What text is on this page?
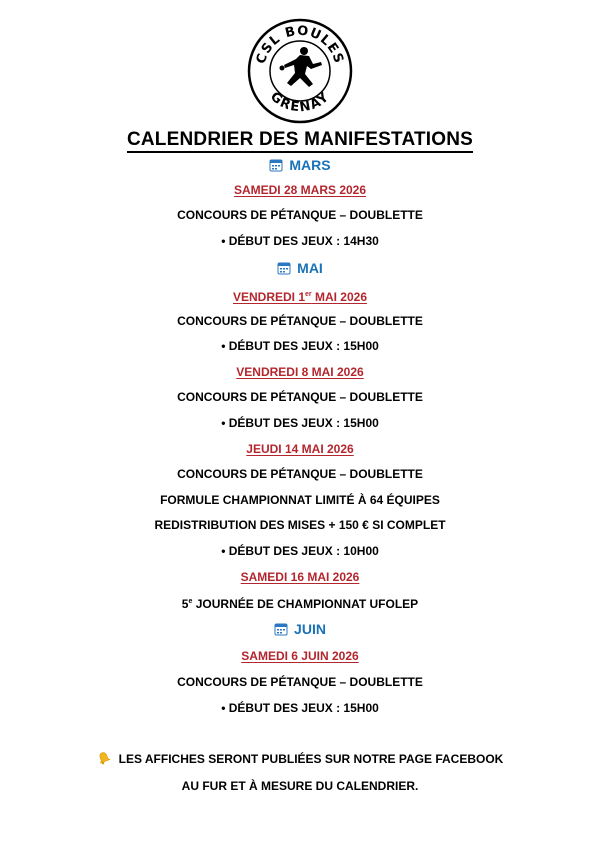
CSL BOULES
GRENAY
CALENDRIER DES MANIFESTATIONS
MARS
SAMEDI 28 MARS 2026
CONCOURS DE PÉTANQUE – DOUBLETTE
• DÉBUT DES JEUX : 14H30
MAI
VENDREDI 1er MAI 2026
CONCOURS DE PÉTANQUE – DOUBLETTE
• DÉBUT DES JEUX : 15H00
VENDREDI 8 MAI 2026
CONCOURS DE PÉTANQUE – DOUBLETTE
• DÉBUT DES JEUX : 15H00
JEUDI 14 MAI 2026
CONCOURS DE PÉTANQUE – DOUBLETTE
FORMULE CHAMPIONNAT LIMITÉ À 64 ÉQUIPES
REDISTRIBUTION DES MISES + 150 € SI COMPLET
• DÉBUT DES JEUX : 10H00
SAMEDI 16 MAI 2026
5e JOURNÉE DE CHAMPIONNAT UFOLEP
JUIN
SAMEDI 6 JUIN 2026
CONCOURS DE PÉTANQUE – DOUBLETTE
• DÉBUT DES JEUX : 15H00
LES AFFICHES SERONT PUBLIÉES SUR NOTRE PAGE FACEBOOK
AU FUR ET À MESURE DU CALENDRIER.
